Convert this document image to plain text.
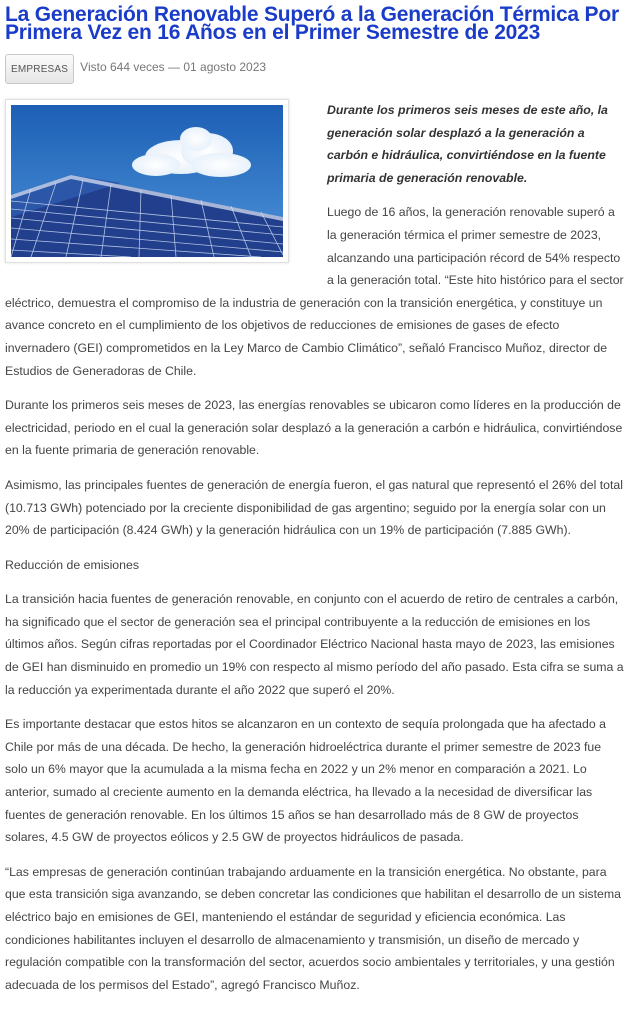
La Generación Renovable Superó a la Generación Térmica Por Primera Vez en 16 Años en el Primer Semestre de 2023
EMPRESAS	Visto 644 veces — 01 agosto 2023

Durante los primeros seis meses de este año, la generación solar desplazó a la generación a carbón e hidráulica, convirtiéndose en la fuente primaria de generación renovable.

Luego de 16 años, la generación renovable superó a la generación térmica el primer semestre de 2023, alcanzando una participación récord de 54% respecto a la generación total. “Este hito histórico para el sector eléctrico, demuestra el compromiso de la industria de generación con la transición energética, y constituye un avance concreto en el cumplimiento de los objetivos de reducciones de emisiones de gases de efecto invernadero (GEI) comprometidos en la Ley Marco de Cambio Climático”, señaló Francisco Muñoz, director de Estudios de Generadoras de Chile.

Durante los primeros seis meses de 2023, las energías renovables se ubicaron como líderes en la producción de electricidad, periodo en el cual la generación solar desplazó a la generación a carbón e hidráulica, convirtiéndose en la fuente primaria de generación renovable.

Asimismo, las principales fuentes de generación de energía fueron, el gas natural que representó el 26% del total (10.713 GWh) potenciado por la creciente disponibilidad de gas argentino; seguido por la energía solar con un 20% de participación (8.424 GWh) y la generación hidráulica con un 19% de participación (7.885 GWh).

Reducción de emisiones

La transición hacia fuentes de generación renovable, en conjunto con el acuerdo de retiro de centrales a carbón, ha significado que el sector de generación sea el principal contribuyente a la reducción de emisiones en los últimos años. Según cifras reportadas por el Coordinador Eléctrico Nacional hasta mayo de 2023, las emisiones de GEI han disminuido en promedio un 19% con respecto al mismo período del año pasado. Esta cifra se suma a la reducción ya experimentada durante el año 2022 que superó el 20%.

Es importante destacar que estos hitos se alcanzaron en un contexto de sequía prolongada que ha afectado a Chile por más de una década. De hecho, la generación hidroeléctrica durante el primer semestre de 2023 fue solo un 6% mayor que la acumulada a la misma fecha en 2022 y un 2% menor en comparación a 2021. Lo anterior, sumado al creciente aumento en la demanda eléctrica, ha llevado a la necesidad de diversificar las fuentes de generación renovable. En los últimos 15 años se han desarrollado más de 8 GW de proyectos solares, 4.5 GW de proyectos eólicos y 2.5 GW de proyectos hidráulicos de pasada.

“Las empresas de generación continúan trabajando arduamente en la transición energética. No obstante, para que esta transición siga avanzando, se deben concretar las condiciones que habilitan el desarrollo de un sistema eléctrico bajo en emisiones de GEI, manteniendo el estándar de seguridad y eficiencia económica. Las condiciones habilitantes incluyen el desarrollo de almacenamiento y transmisión, un diseño de mercado y regulación compatible con la transformación del sector, acuerdos socio ambientales y territoriales, y una gestión adecuada de los permisos del Estado”, agregó Francisco Muñoz.
